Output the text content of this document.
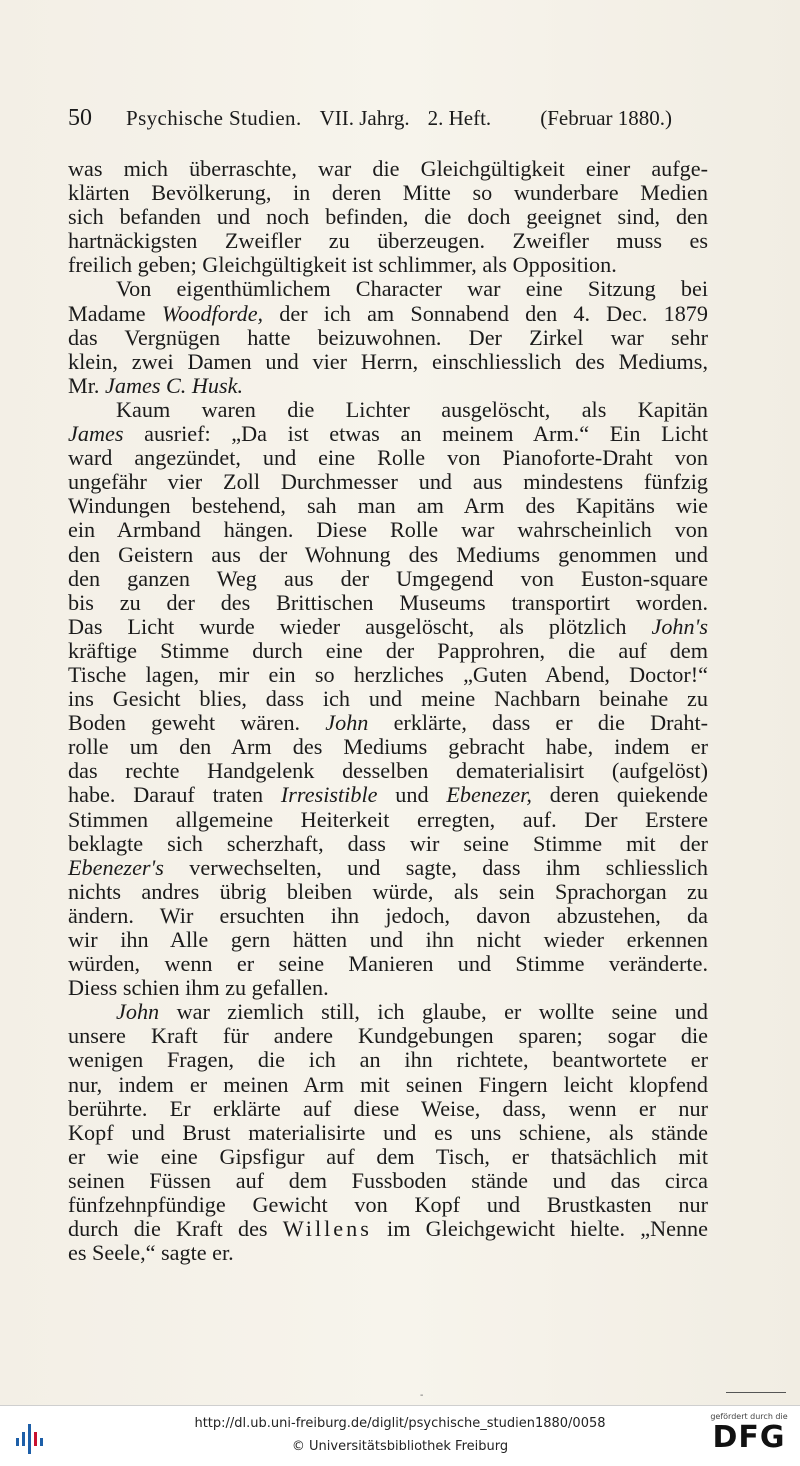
50	Psychische Studien. VII. Jahrg. 2. Heft. (Februar 1880.)
was mich überraschte, war die Gleichgültigkeit einer aufge-
klärten Bevölkerung, in deren Mitte so wunderbare Medien
sich befanden und noch befinden, die doch geeignet sind, den
hartnäckigsten Zweifler zu überzeugen. Zweifler muss es
freilich geben; Gleichgültigkeit ist schlimmer, als Opposition.
Von eigenthümlichem Character war eine Sitzung bei
Madame Woodforde, der ich am Sonnabend den 4. Dec. 1879
das Vergnügen hatte beizuwohnen. Der Zirkel war sehr
klein, zwei Damen und vier Herrn, einschliesslich des Mediums,
Mr. James C. Husk.
Kaum waren die Lichter ausgelöscht, als Kapitän
James ausrief: „Da ist etwas an meinem Arm.“ Ein Licht
ward angezündet, und eine Rolle von Pianoforte-Draht von
ungefähr vier Zoll Durchmesser und aus mindestens fünfzig
Windungen bestehend, sah man am Arm des Kapitäns wie
ein Armband hängen. Diese Rolle war wahrscheinlich von
den Geistern aus der Wohnung des Mediums genommen und
den ganzen Weg aus der Umgegend von Euston-square
bis zu der des Brittischen Museums transportirt worden.
Das Licht wurde wieder ausgelöscht, als plötzlich John's
kräftige Stimme durch eine der Papprohren, die auf dem
Tische lagen, mir ein so herzliches „Guten Abend, Doctor!“
ins Gesicht blies, dass ich und meine Nachbarn beinahe zu
Boden geweht wären. John erklärte, dass er die Draht-
rolle um den Arm des Mediums gebracht habe, indem er
das rechte Handgelenk desselben dematerialisirt (aufgelöst)
habe. Darauf traten Irresistible und Ebenezer, deren quiekende
Stimmen allgemeine Heiterkeit erregten, auf. Der Erstere
beklagte sich scherzhaft, dass wir seine Stimme mit der
Ebenezer's verwechselten, und sagte, dass ihm schliesslich
nichts andres übrig bleiben würde, als sein Sprachorgan zu
ändern. Wir ersuchten ihn jedoch, davon abzustehen, da
wir ihn Alle gern hätten und ihn nicht wieder erkennen
würden, wenn er seine Manieren und Stimme veränderte.
Diess schien ihm zu gefallen.
John war ziemlich still, ich glaube, er wollte seine und
unsere Kraft für andere Kundgebungen sparen; sogar die
wenigen Fragen, die ich an ihn richtete, beantwortete er
nur, indem er meinen Arm mit seinen Fingern leicht klopfend
berührte. Er erklärte auf diese Weise, dass, wenn er nur
Kopf und Brust materialisirte und es uns schiene, als stände
er wie eine Gipsfigur auf dem Tisch, er thatsächlich mit
seinen Füssen auf dem Fussboden stände und das circa
fünfzehnpfündige Gewicht von Kopf und Brustkasten nur
durch die Kraft des Willens im Gleichgewicht hielte. „Nenne
es Seele,“ sagte er.
-
http://dl.ub.uni-freiburg.de/diglit/psychische_studien1880/0058
© Universitätsbibliothek Freiburg
gefördert durch die
DFG
